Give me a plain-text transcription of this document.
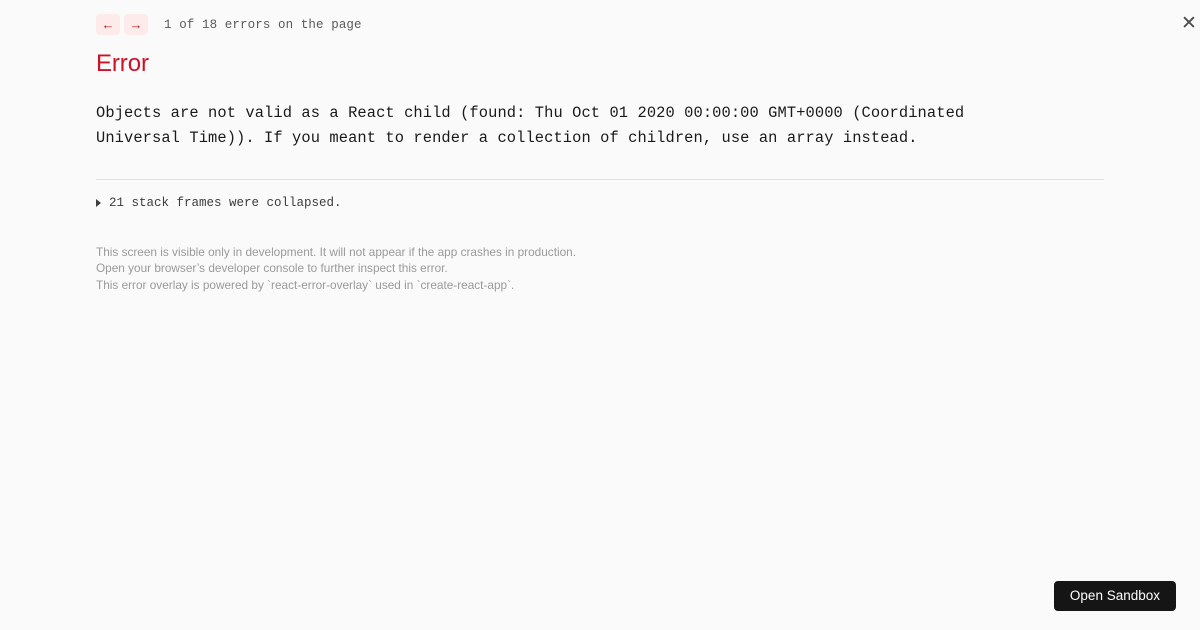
←	→	1 of 18 errors on the page	✕
Error
Objects are not valid as a React child (found: Thu Oct 01 2020 00:00:00 GMT+0000 (Coordinated Universal Time)). If you meant to render a collection of children, use an array instead.
21 stack frames were collapsed.
This screen is visible only in development. It will not appear if the app crashes in production.
Open your browser’s developer console to further inspect this error.
This error overlay is powered by `react-error-overlay` used in `create-react-app`.
Open Sandbox
